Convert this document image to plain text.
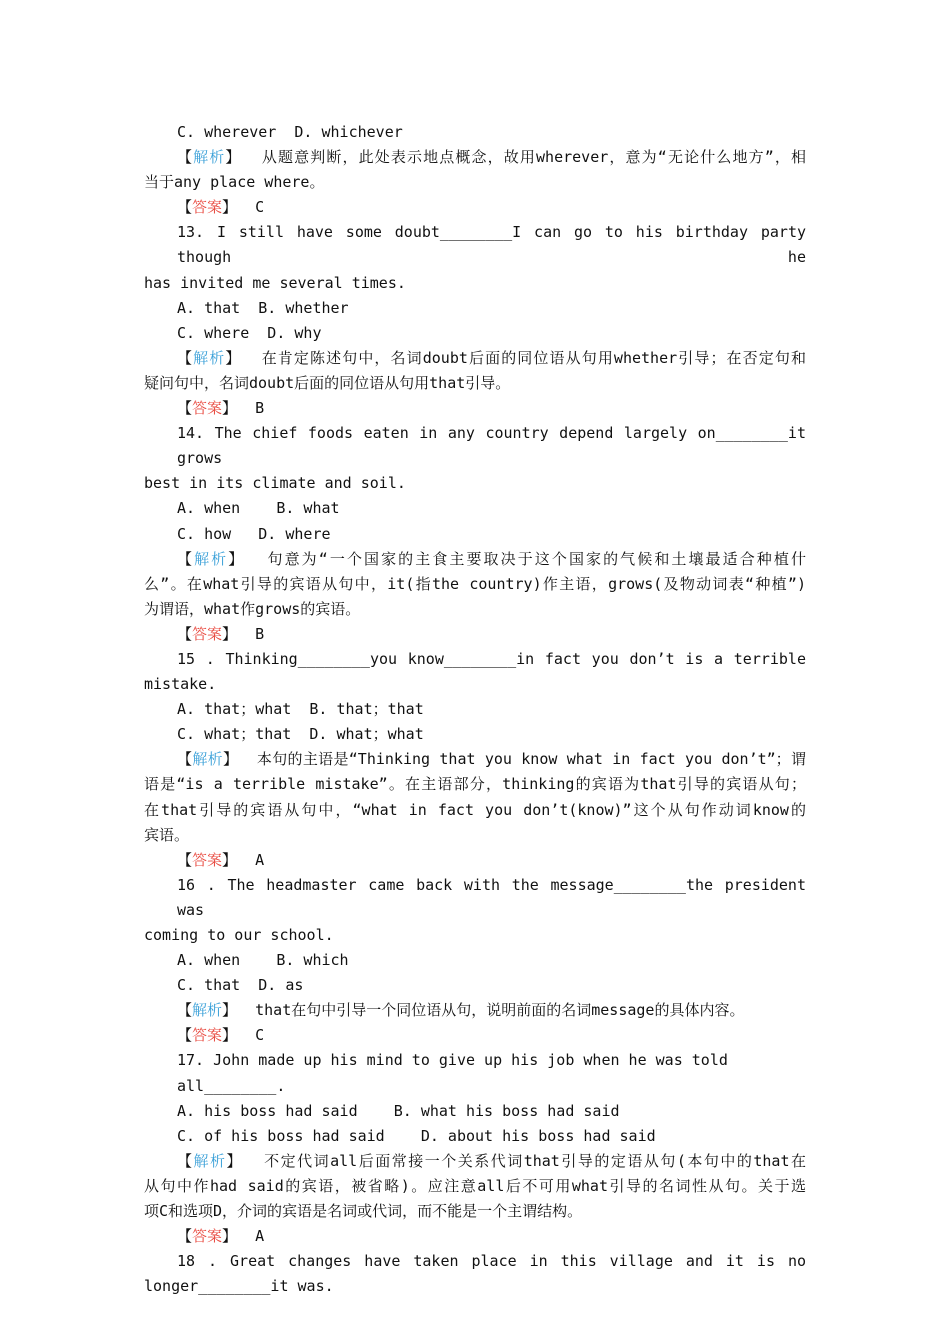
C. wherever  D. whichever
【解析】  从题意判断，此处表示地点概念，故用wherever，意为“无论什么地方”，相
当于any place where。
【答案】  C
13. I still have some doubt________I can go to his birthday party though he
has invited me several times.
A. that  B. whether
C. where  D. why
【解析】  在肯定陈述句中，名词doubt后面的同位语从句用whether引导；在否定句和
疑问句中，名词doubt后面的同位语从句用that引导。
【答案】  B
14. The chief foods eaten in any country depend largely on________it grows
best in its climate and soil.
A. when    B. what
C. how   D. where
【解析】  句意为“一个国家的主食主要取决于这个国家的气候和土壤最适合种植什
么”。在what引导的宾语从句中，it(指the country)作主语，grows(及物动词表“种植”)
为谓语，what作grows的宾语。
【答案】  B
15 . Thinking________you know________in fact you don’t is a terrible
mistake.
A. that；what  B. that；that
C. what；that  D. what；what
【解析】  本句的主语是“Thinking that you know what in fact you don’t”；谓
语是“is a terrible mistake”。在主语部分，thinking的宾语为that引导的宾语从句；
在that引导的宾语从句中，“what in fact you don’t(know)”这个从句作动词know的
宾语。
【答案】  A
16 . The headmaster came back with the message________the president was
coming to our school.
A. when    B. which
C. that  D. as
【解析】  that在句中引导一个同位语从句，说明前面的名词message的具体内容。
【答案】  C
17. John made up his mind to give up his job when he was told all________.
A. his boss had said    B. what his boss had said
C. of his boss had said    D. about his boss had said
【解析】  不定代词all后面常接一个关系代词that引导的定语从句(本句中的that在
从句中作had said的宾语，被省略)。应注意all后不可用what引导的名词性从句。关于选
项C和选项D，介词的宾语是名词或代词，而不能是一个主谓结构。
【答案】  A
18 . Great changes have taken place in this village and it is no
longer________it was.
